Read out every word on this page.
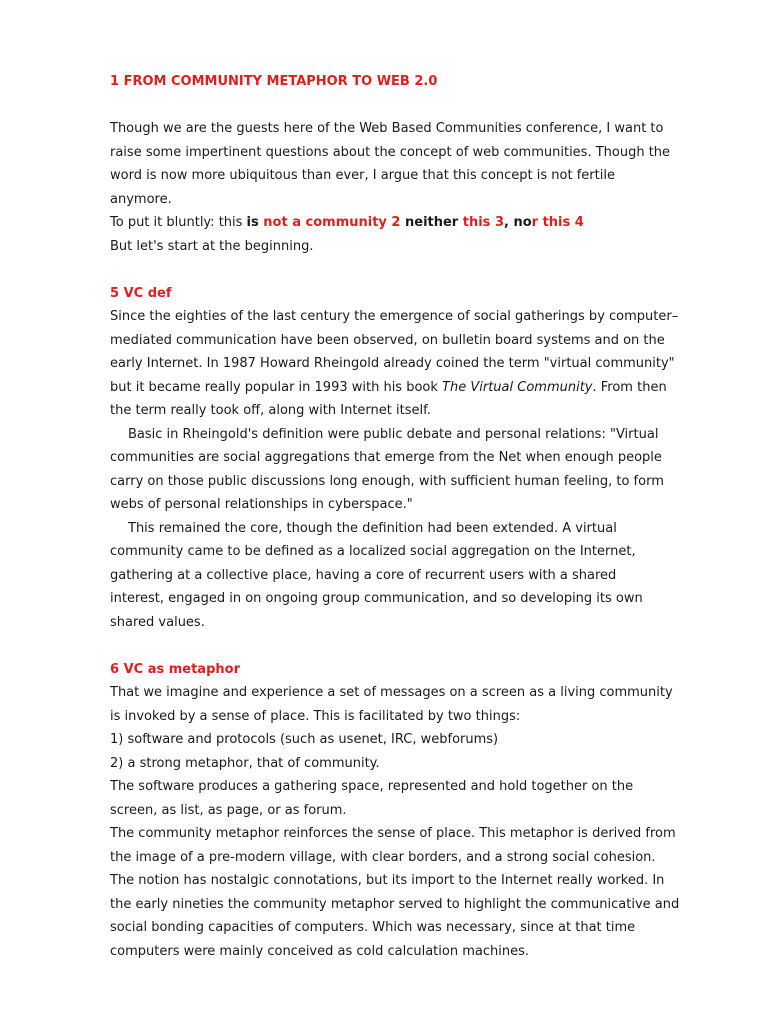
1 FROM COMMUNITY METAPHOR TO WEB 2.0

Though we are the guests here of the Web Based Communities conference, I want to
raise some impertinent questions about the concept of web communities. Though the
word is now more ubiquitous than ever, I argue that this concept is not fertile
anymore.
To put it bluntly: this is not a community 2 neither this 3, nor this 4
But let's start at the beginning.

5 VC def

Since the eighties of the last century the emergence of social gatherings by computer–
mediated communication have been observed, on bulletin board systems and on the
early Internet. In 1987 Howard Rheingold already coined the term "virtual community"
but it became really popular in 1993 with his book The Virtual Community. From then
the term really took off, along with Internet itself.

Basic in Rheingold's definition were public debate and personal relations: "Virtual
communities are social aggregations that emerge from the Net when enough people
carry on those public discussions long enough, with sufficient human feeling, to form
webs of personal relationships in cyberspace."

This remained the core, though the definition had been extended. A virtual
community came to be defined as a localized social aggregation on the Internet,
gathering at a collective place, having a core of recurrent users with a shared
interest, engaged in on ongoing group communication, and so developing its own
shared values.

6 VC as metaphor

That we imagine and experience a set of messages on a screen as a living community
is invoked by a sense of place. This is facilitated by two things:
1) software and protocols (such as usenet, IRC, webforums)
2) a strong metaphor, that of community.
The software produces a gathering space, represented and hold together on the
screen, as list, as page, or as forum.
The community metaphor reinforces the sense of place. This metaphor is derived from
the image of a pre-modern village, with clear borders, and a strong social cohesion.
The notion has nostalgic connotations, but its import to the Internet really worked. In
the early nineties the community metaphor served to highlight the communicative and
social bonding capacities of computers. Which was necessary, since at that time
computers were mainly conceived as cold calculation machines.
